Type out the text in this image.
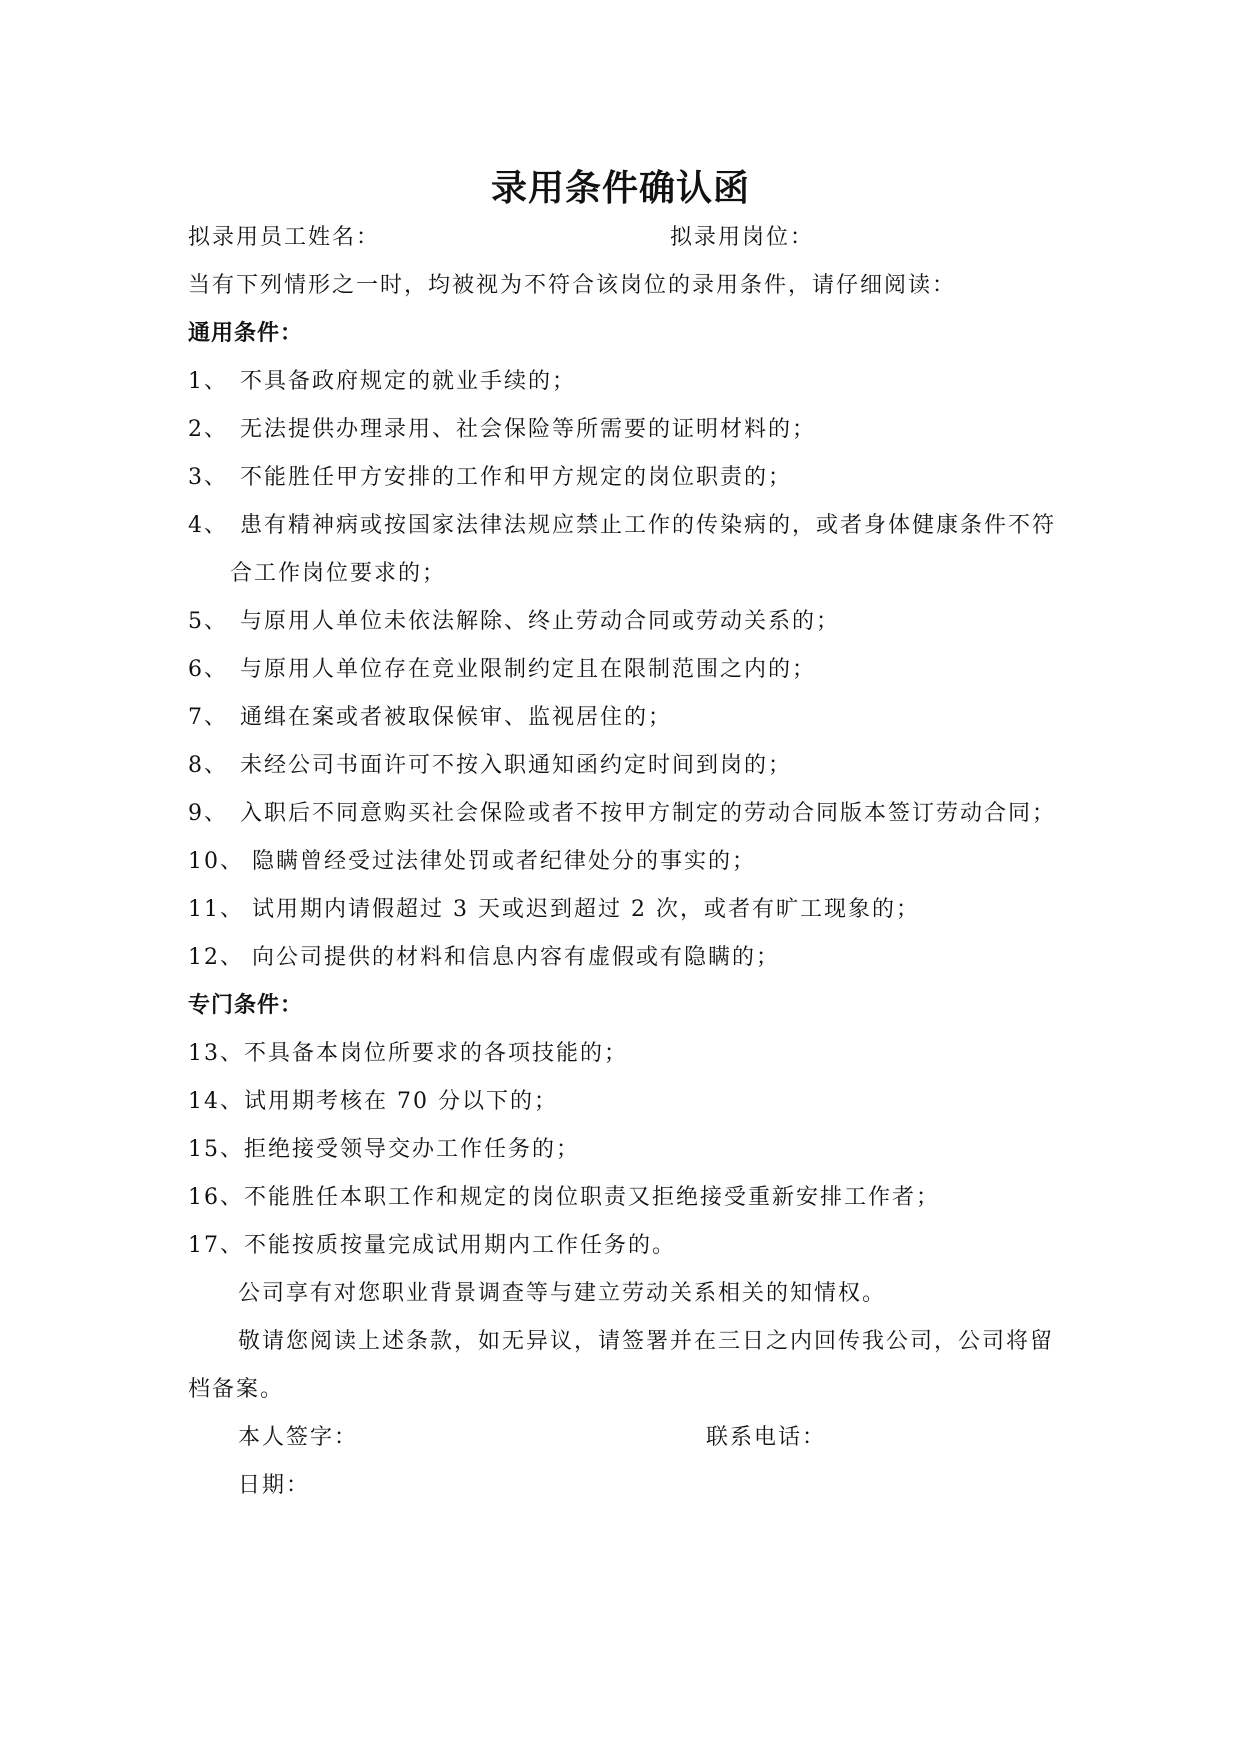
录用条件确认函
拟录用员工姓名：	拟录用岗位：
当有下列情形之一时，均被视为不符合该岗位的录用条件，请仔细阅读：
通用条件：
1、 不具备政府规定的就业手续的；
2、 无法提供办理录用、社会保险等所需要的证明材料的；
3、 不能胜任甲方安排的工作和甲方规定的岗位职责的；
4、 患有精神病或按国家法律法规应禁止工作的传染病的，或者身体健康条件不符
合工作岗位要求的；
5、 与原用人单位未依法解除、终止劳动合同或劳动关系的；
6、 与原用人单位存在竞业限制约定且在限制范围之内的；
7、 通缉在案或者被取保候审、监视居住的；
8、 未经公司书面许可不按入职通知函约定时间到岗的；
9、 入职后不同意购买社会保险或者不按甲方制定的劳动合同版本签订劳动合同；
10、 隐瞒曾经受过法律处罚或者纪律处分的事实的；
11、 试用期内请假超过 3 天或迟到超过 2 次，或者有旷工现象的；
12、 向公司提供的材料和信息内容有虚假或有隐瞒的；
专门条件：
13、不具备本岗位所要求的各项技能的；
14、试用期考核在 70 分以下的；
15、拒绝接受领导交办工作任务的；
16、不能胜任本职工作和规定的岗位职责又拒绝接受重新安排工作者；
17、不能按质按量完成试用期内工作任务的。
公司享有对您职业背景调查等与建立劳动关系相关的知情权。
敬请您阅读上述条款，如无异议，请签署并在三日之内回传我公司，公司将留
档备案。
本人签字：	联系电话：
日期：
